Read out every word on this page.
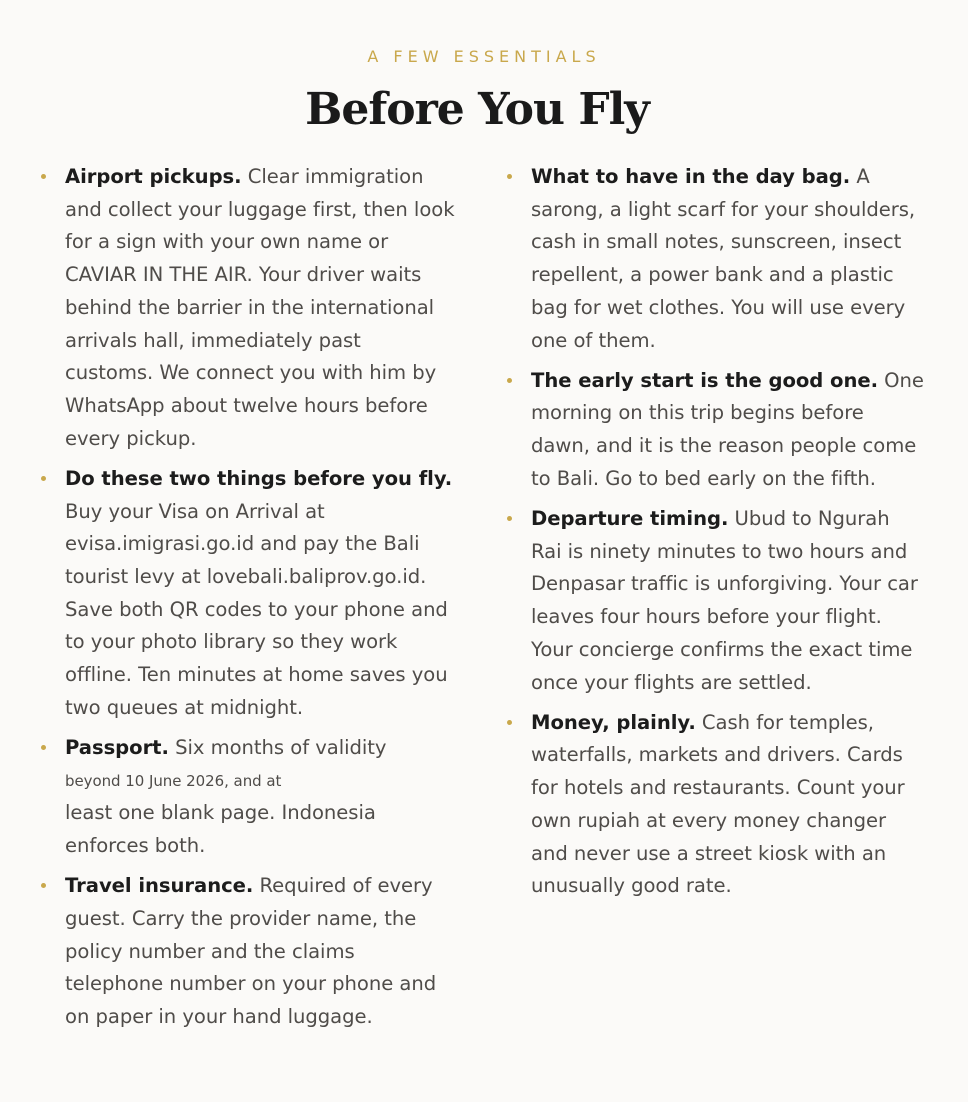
A FEW ESSENTIALS
Before You Fly
Airport pickups. Clear immigration and collect your luggage first, then look for a sign with your own name or CAVIAR IN THE AIR. Your driver waits behind the barrier in the international arrivals hall, immediately past customs. We connect you with him by WhatsApp about twelve hours before every pickup.
Do these two things before you fly. Buy your Visa on Arrival at evisa.imigrasi.go.id and pay the Bali tourist levy at lovebali.baliprov.go.id. Save both QR codes to your phone and to your photo library so they work offline. Ten minutes at home saves you two queues at midnight.
Passport. Six months of validity
beyond 10 June 2026, and at
least one blank page. Indonesia enforces both.
Travel insurance. Required of every guest. Carry the provider name, the policy number and the claims telephone number on your phone and on paper in your hand luggage.
What to have in the day bag. A sarong, a light scarf for your shoulders, cash in small notes, sunscreen, insect repellent, a power bank and a plastic bag for wet clothes. You will use every one of them.
The early start is the good one. One morning on this trip begins before dawn, and it is the reason people come to Bali. Go to bed early on the fifth.
Departure timing. Ubud to Ngurah Rai is ninety minutes to two hours and Denpasar traffic is unforgiving. Your car leaves four hours before your flight. Your concierge confirms the exact time once your flights are settled.
Money, plainly. Cash for temples, waterfalls, markets and drivers. Cards for hotels and restaurants. Count your own rupiah at every money changer and never use a street kiosk with an unusually good rate.
